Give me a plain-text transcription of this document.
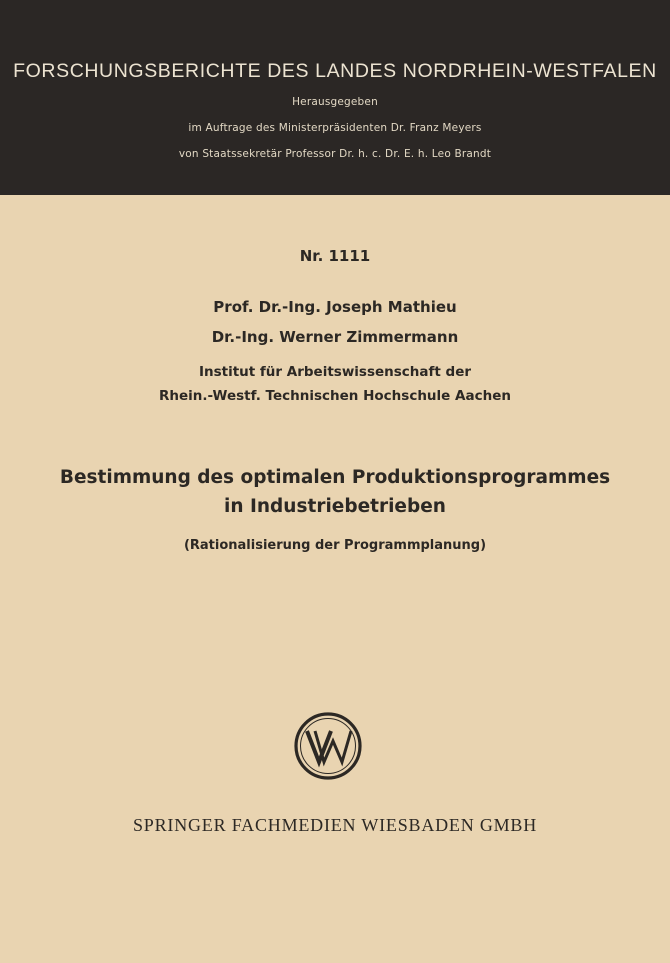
FORSCHUNGSBERICHTE DES LANDES NORDRHEIN-WESTFALEN
Herausgegeben
im Auftrage des Ministerpräsidenten Dr. Franz Meyers
von Staatssekretär Professor Dr. h. c. Dr. E. h. Leo Brandt
Nr. 1111
Prof. Dr.-Ing. Joseph Mathieu
Dr.-Ing. Werner Zimmermann
Institut für Arbeitswissenschaft der
Rhein.-Westf. Technischen Hochschule Aachen
Bestimmung des optimalen Produktionsprogrammes
in Industriebetrieben
(Rationalisierung der Programmplanung)
SPRINGER FACHMEDIEN WIESBADEN GMBH
